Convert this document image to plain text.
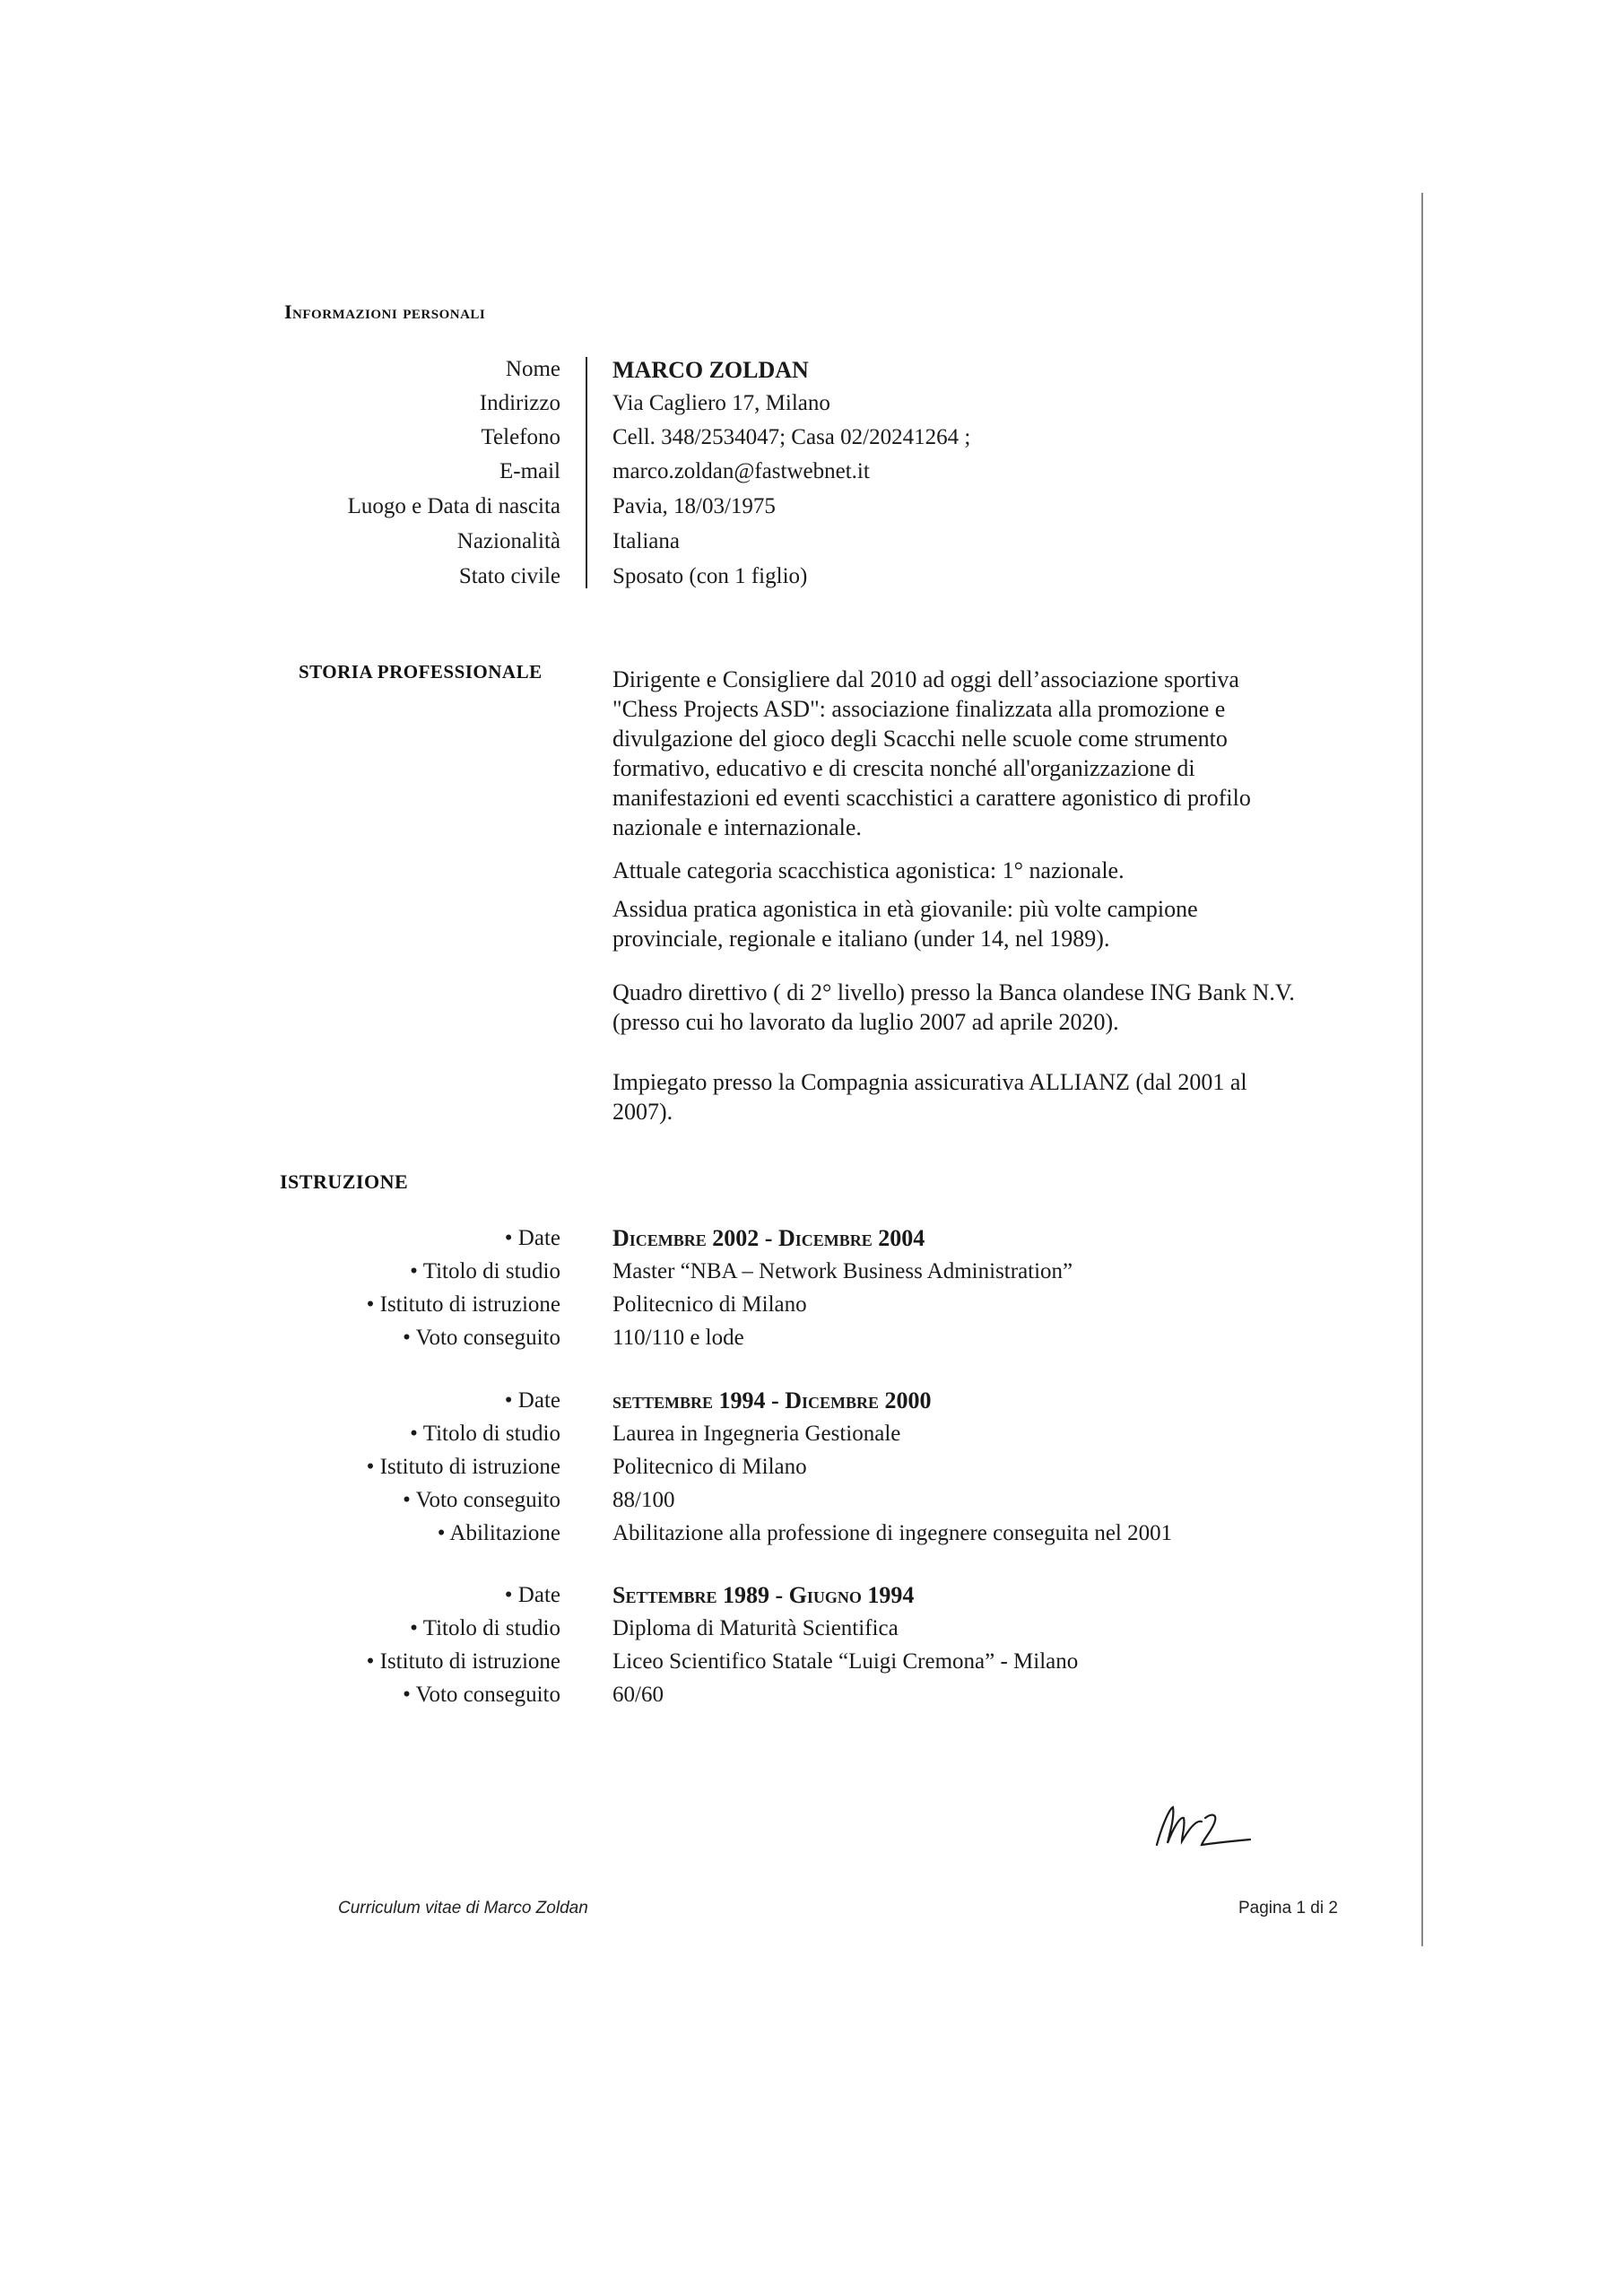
Informazioni personali
Nome
Indirizzo
Telefono
E-mail
Luogo e Data di nascita
Nazionalità
Stato civile
MARCO ZOLDAN
Via Cagliero 17, Milano
Cell. 348/2534047; Casa 02/20241264 ;
marco.zoldan@fastwebnet.it
Pavia, 18/03/1975
Italiana
Sposato (con 1 figlio)
STORIA PROFESSIONALE	Dirigente e Consigliere dal 2010 ad oggi dell’associazione sportiva "Chess Projects ASD": associazione finalizzata alla promozione e divulgazione del gioco degli Scacchi nelle scuole come strumento formativo, educativo e di crescita nonché all'organizzazione di manifestazioni ed eventi scacchistici a carattere agonistico di profilo nazionale e internazionale.

Attuale categoria scacchistica agonistica: 1° nazionale.

Assidua pratica agonistica in età giovanile: più volte campione provinciale, regionale e italiano (under 14, nel 1989).

Quadro direttivo ( di 2° livello) presso la Banca olandese ING Bank N.V. (presso cui ho lavorato da luglio 2007 ad aprile 2020).

Impiegato presso la Compagnia assicurativa ALLIANZ (dal 2001 al 2007).

ISTRUZIONE
• Date
• Titolo di studio
• Istituto di istruzione
• Voto conseguito
Dicembre 2002 - Dicembre 2004
Master “NBA – Network Business Administration”
Politecnico di Milano
110/110 e lode
• Date
• Titolo di studio
• Istituto di istruzione
• Voto conseguito
• Abilitazione
settembre 1994 - Dicembre 2000
Laurea in Ingegneria Gestionale
Politecnico di Milano
88/100
Abilitazione alla professione di ingegnere conseguita nel 2001
• Date
• Titolo di studio
• Istituto di istruzione
• Voto conseguito
Settembre 1989 - Giugno 1994
Diploma di Maturità Scientifica
Liceo Scientifico Statale “Luigi Cremona” - Milano
60/60
Curriculum vitae di Marco Zoldan	Pagina 1 di 2
